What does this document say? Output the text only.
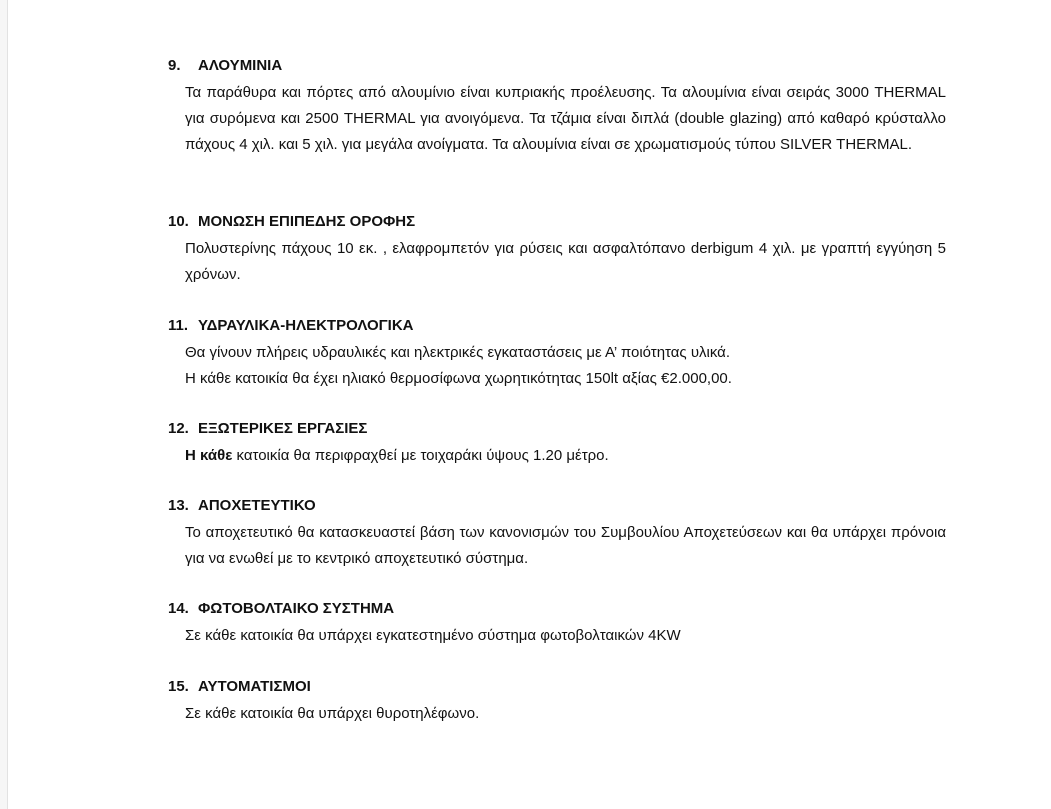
9. ΑΛΟΥΜΙΝΙΑ
Τα παράθυρα και πόρτες από αλουμίνιο είναι κυπριακής προέλευσης. Τα αλουμίνια είναι σειράς 3000 THERMAL για συρόμενα και 2500 THERMAL για ανοιγόμενα. Τα τζάμια είναι διπλά (double glazing) από καθαρό κρύσταλλο πάχους 4 χιλ. και 5 χιλ. για μεγάλα ανοίγματα. Τα αλουμίνια είναι σε χρωματισμούς τύπου SILVER THERMAL.
10. ΜΟΝΩΣΗ ΕΠΙΠΕΔΗΣ ΟΡΟΦΗΣ
Πολυστερίνης πάχους 10 εκ. , ελαφρομπετόν για ρύσεις και ασφαλτόπανο derbigum 4 χιλ. με γραπτή εγγύηση 5 χρόνων.
11. ΥΔΡΑΥΛΙΚΑ-ΗΛΕΚΤΡΟΛΟΓΙΚΑ
Θα γίνουν πλήρεις υδραυλικές και ηλεκτρικές εγκαταστάσεις με Α’ ποιότητας υλικά.
Η κάθε κατοικία θα έχει ηλιακό θερμοσίφωνα χωρητικότητας 150lt αξίας €2.000,00.
12. ΕΞΩΤΕΡΙΚΕΣ ΕΡΓΑΣΙΕΣ
Η κάθε κατοικία θα περιφραχθεί με τοιχαράκι ύψους 1.20 μέτρο.
13. ΑΠΟΧΕΤΕΥΤΙΚΟ
Το αποχετευτικό θα κατασκευαστεί βάση των κανονισμών του Συμβουλίου Αποχετεύσεων και θα υπάρχει πρόνοια για να ενωθεί με το κεντρικό αποχετευτικό σύστημα.
14. ΦΩΤΟΒΟΛΤΑΙΚΟ ΣΥΣΤΗΜΑ
Σε κάθε κατοικία θα υπάρχει εγκατεστημένο σύστημα φωτοβολταικών 4KW
15. ΑΥΤΟΜΑΤΙΣΜΟΙ
Σε κάθε κατοικία θα υπάρχει θυροτηλέφωνο.
